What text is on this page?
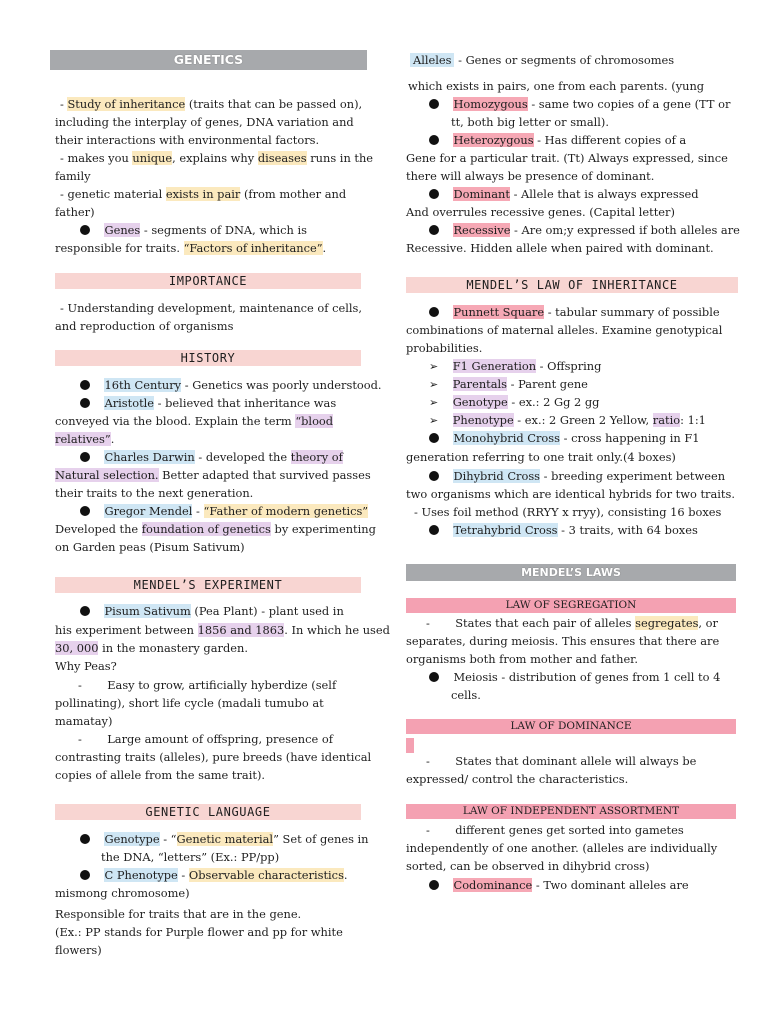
GENETICS
- Study of inheritance (traits that can be passed on),
including the interplay of genes, DNA variation and
their interactions with environmental factors.
- makes you unique, explains why diseases runs in the
family
- genetic material exists in pair (from mother and
father)
Genes - segments of DNA, which is
responsible for traits. “Factors of inheritance”.
IMPORTANCE
- Understanding development, maintenance of cells,
and reproduction of organisms
HISTORY
16th Century - Genetics was poorly understood.
Aristotle - believed that inheritance was
conveyed via the blood. Explain the term “blood
relatives”.
Charles Darwin - developed the theory of
Natural selection. Better adapted that survived passes
their traits to the next generation.
Gregor Mendel - “Father of modern genetics”
Developed the foundation of genetics by experimenting
on Garden peas (Pisum Sativum)
MENDEL’S EXPERIMENT
Pisum Sativum (Pea Plant) - plant used in
his experiment between 1856 and 1863. In which he used
30, 000 in the monastery garden.
Why Peas?
- Easy to grow, artificially hyberdize (self
pollinating), short life cycle (madali tumubo at
mamatay)
- Large amount of offspring, presence of
contrasting traits (alleles), pure breeds (have identical
copies of allele from the same trait).
GENETIC LANGUAGE
Genotype - “Genetic material” Set of genes in
the DNA, “letters” (Ex.: PP/pp)
C Phenotype - Observable characteristics.
mismong chromosome)
Responsible for traits that are in the gene.
(Ex.: PP stands for Purple flower and pp for white
flowers)
Alleles - Genes or segments of chromosomes
which exists in pairs, one from each parents. (yung
Homozygous - same two copies of a gene (TT or
tt, both big letter or small).
Heterozygous - Has different copies of a
Gene for a particular trait. (Tt) Always expressed, since
there will always be presence of dominant.
Dominant - Allele that is always expressed
And overrules recessive genes. (Capital letter)
Recessive - Are om;y expressed if both alleles are
Recessive. Hidden allele when paired with dominant.
MENDEL’S LAW OF INHERITANCE
Punnett Square - tabular summary of possible
combinations of maternal alleles. Examine genotypical
probabilities.
➢ F1 Generation - Offspring
➢ Parentals - Parent gene
➢ Genotype - ex.: 2 Gg 2 gg
➢ Phenotype - ex.: 2 Green 2 Yellow, ratio: 1:1
Monohybrid Cross - cross happening in F1
generation referring to one trait only.(4 boxes)
Dihybrid Cross - breeding experiment between
two organisms which are identical hybrids for two traits.
- Uses foil method (RRYY x rryy), consisting 16 boxes
Tetrahybrid Cross - 3 traits, with 64 boxes
MENDEL’S LAWS
LAW OF SEGREGATION
- States that each pair of alleles segregates, or
separates, during meiosis. This ensures that there are
organisms both from mother and father.
Meiosis - distribution of genes from 1 cell to 4
cells.
LAW OF DOMINANCE
- States that dominant allele will always be
expressed/ control the characteristics.
LAW OF INDEPENDENT ASSORTMENT
- different genes get sorted into gametes
independently of one another. (alleles are individually
sorted, can be observed in dihybrid cross)
Codominance - Two dominant alleles are
